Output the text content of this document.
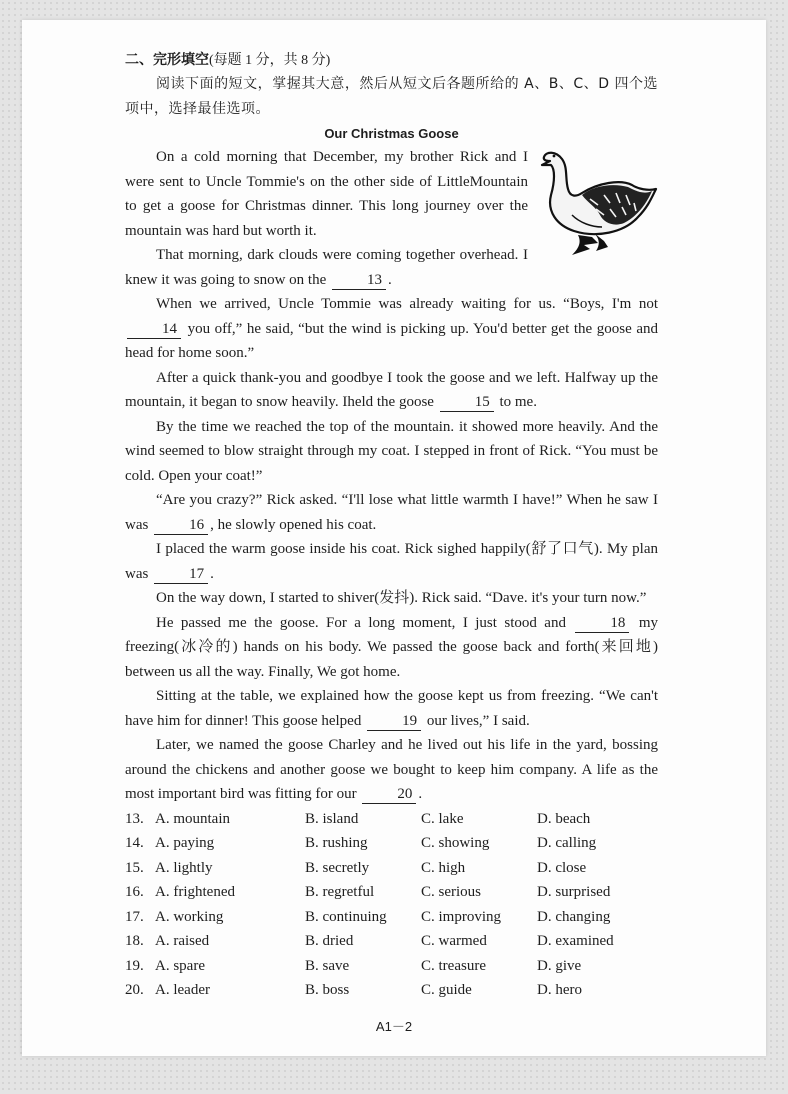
二、完形填空(每题 1 分，共 8 分)

阅读下面的短文，掌握其大意，然后从短文后各题所给的 A、B、C、D 四个选项中，选择最佳选项。

Our Christmas Goose

On a cold morning that December, my brother Rick and I were sent to Uncle Tommie's on the other side of LittleMountain to get a goose for Christmas dinner. This long journey over the mountain was hard but worth it.

That morning, dark clouds were coming together overhead. I knew it was going to snow on the	13 .

When we arrived, Uncle Tommie was already waiting for us. “Boys, I'm not 14 you off,” he said, “but the wind is picking up. You'd better get the goose and head for home soon.”

After a quick thank-you and goodbye I took the goose and we left. Halfway up the mountain, it began to snow heavily. Iheld the goose	15 to me.

By the time we reached the top of the mountain. it showed more heavily. And the wind seemed to blow straight through my coat. I stepped in front of Rick. “You must be cold. Open your coat!”

“Are you crazy?” Rick asked. “I'll lose what little warmth I have!” When he saw I was	16 , he slowly opened his coat.

I placed the warm goose inside his coat. Rick sighed happily(舒了口气). My plan was	17 .

On the way down, I started to shiver(发抖). Rick said. “Dave. it's your turn now.”

He passed me the goose. For a long moment, I just stood and	18 my freezing(冰冷的) hands on his body. We passed the goose back and forth(来回地) between us all the way. Finally, We got home.

Sitting at the table, we explained how the goose kept us from freezing. “We can't have him for dinner! This goose helped	19 our lives,” I said.

Later, we named the goose Charley and he lived out his life in the yard, bossing around the chickens and another goose we bought to keep him company. A life as the most important bird was fitting for our	20 .

13. A. mountain	B. island	C. lake	D. beach
14. A. paying	B. rushing	C. showing	D. calling
15. A. lightly	B. secretly	C. high	D. close
16. A. frightened	B. regretful	C. serious	D. surprised
17. A. working	B. continuing	C. improving	D. changing
18. A. raised	B. dried	C. warmed	D. examined
19. A. spare	B. save	C. treasure	D. give
20. A. leader	B. boss	C. guide	D. hero
A1－2
